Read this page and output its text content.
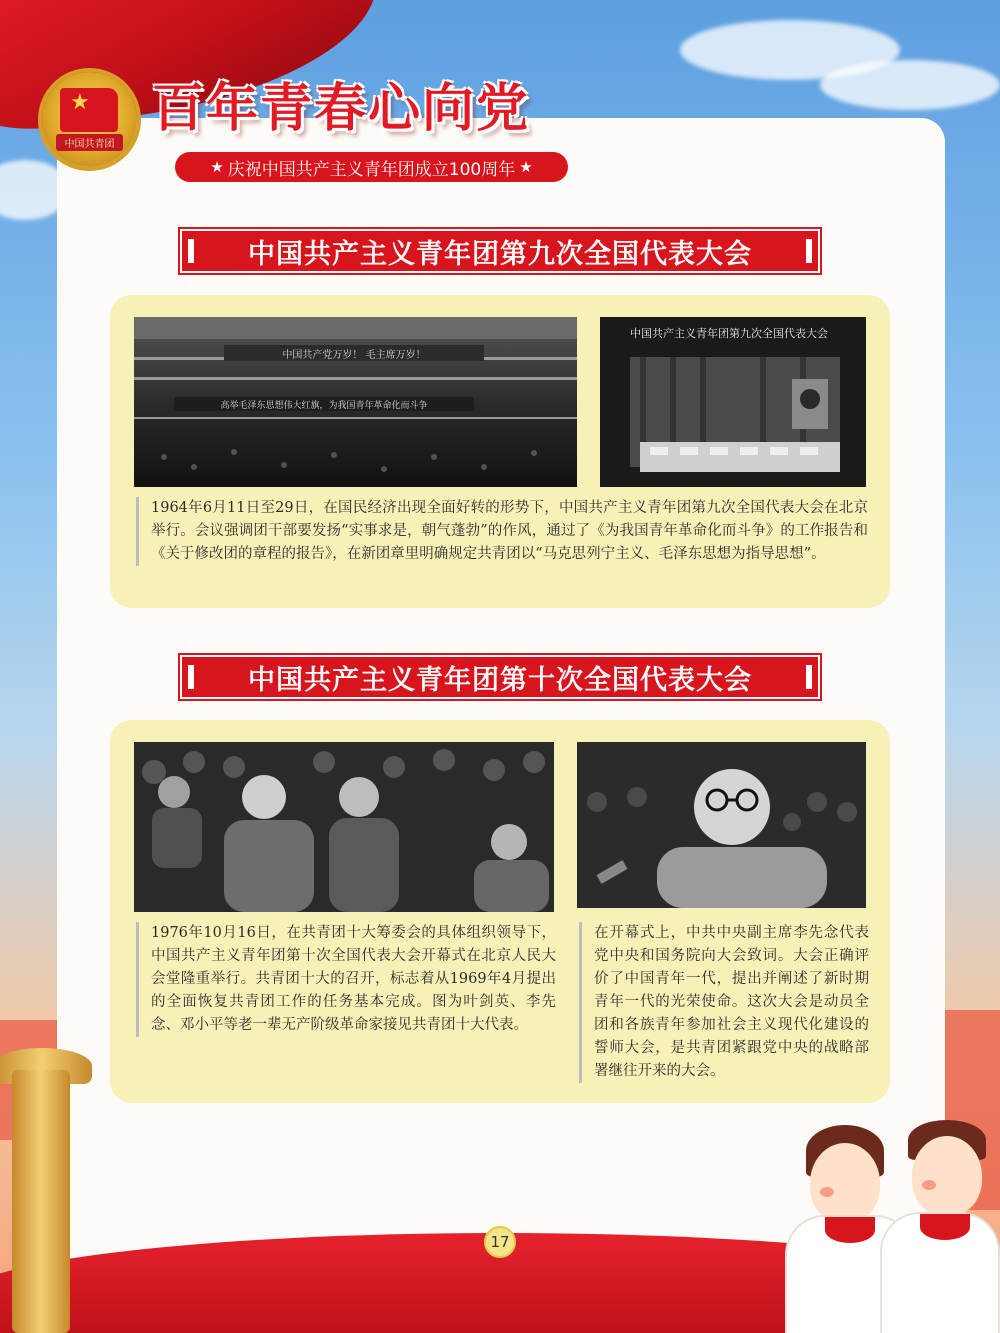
★
中国共青团
百年青春心向党
★ 庆祝中国共产主义青年团成立100周年 ★
中国共产主义青年团第九次全国代表大会
中国共产党万岁！ 毛主席万岁！
高举毛泽东思想伟大红旗，为我国青年革命化而斗争
中国共产主义青年团第九次全国代表大会
1964年6月11日至29日，在国民经济出现全面好转的形势下，中国共产主义青年团第九次全国代表大会在北京举行。会议强调团干部要发扬“实事求是，朝气蓬勃”的作风，通过了《为我国青年革命化而斗争》的工作报告和《关于修改团的章程的报告》，在新团章里明确规定共青团以“马克思列宁主义、毛泽东思想为指导思想”。
中国共产主义青年团第十次全国代表大会
1976年10月16日，在共青团十大筹委会的具体组织领导下，中国共产主义青年团第十次全国代表大会开幕式在北京人民大会堂隆重举行。共青团十大的召开，标志着从1969年4月提出的全面恢复共青团工作的任务基本完成。图为叶剑英、李先念、邓小平等老一辈无产阶级革命家接见共青团十大代表。
在开幕式上，中共中央副主席李先念代表党中央和国务院向大会致词。大会正确评价了中国青年一代，提出并阐述了新时期青年一代的光荣使命。这次大会是动员全团和各族青年参加社会主义现代化建设的誓师大会，是共青团紧跟党中央的战略部署继往开来的大会。
17
